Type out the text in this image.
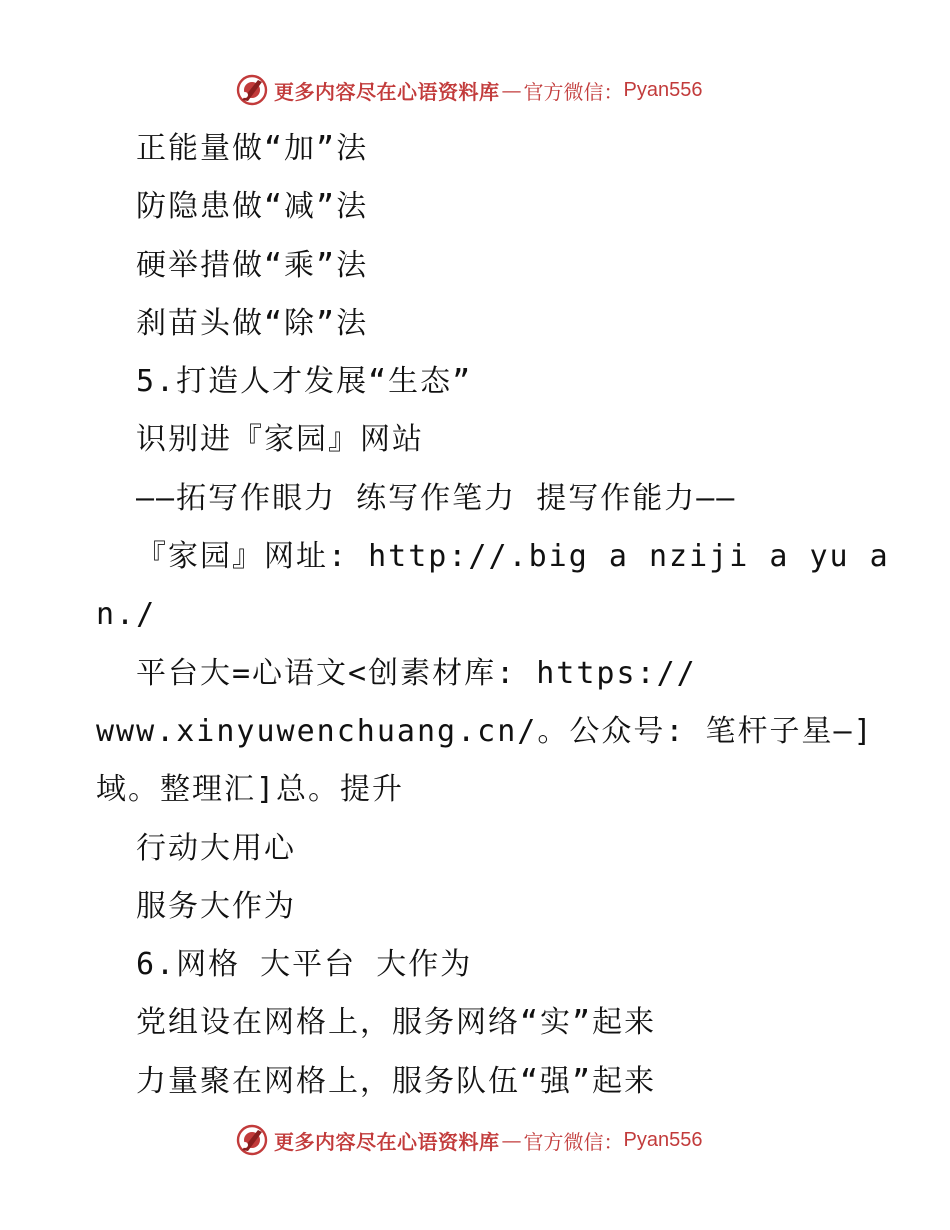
更多内容尽在心语资料库 — 官方微信： Pyan556
正能量做“加”法
防隐患做“减”法
硬举措做“乘”法
刹苗头做“除”法
5.打造人才发展“生态”
识别进『家园』网站
——拓写作眼力 练写作笔力 提写作能力——
『家园』网址: http://.big a nziji a yu a
n./
平台大=心语文<创素材库: https://
www.xinyuwenchuang.cn/。公众号: 笔杆子星—]
域。整理汇]总。提升
行动大用心
服务大作为
6.网格 大平台 大作为
党组设在网格上，服务网络“实”起来
力量聚在网格上，服务队伍“强”起来
更多内容尽在心语资料库 — 官方微信： Pyan556
